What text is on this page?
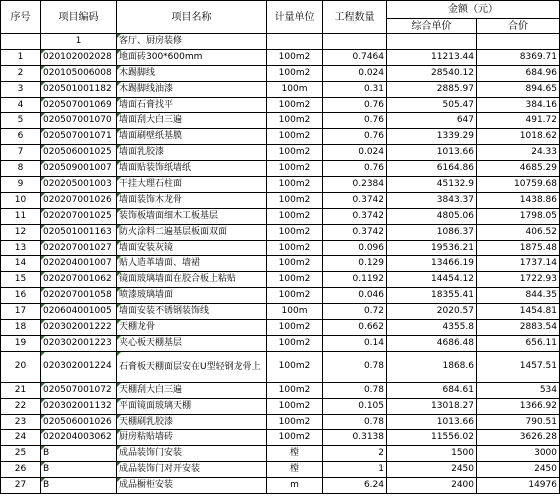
序号	项目编码	项目名称	计量单位	工程数量	金额（元）	
					综合单价	合价
	1	客厅、厨房装修				
1	020102002028	地面砖300*600mm	100m2	0.7464	11213.44	8369.71
2	020105006008	木踢脚线	100m2	0.024	28540.12	684.96
3	020501001182	木踢脚线油漆	100m	0.31	2885.97	894.65
4	020507001069	墙面石膏找平	100m2	0.76	505.47	384.16
5	020507001070	墙面刮大白三遍	100m2	0.76	647	491.72
6	020507001071	墙面刷壁纸基膜	100m2	0.76	1339.29	1018.62
7	020506001025	墙面乳胶漆	100m2	0.024	1013.66	24.33
8	020509001007	墙面贴装饰纸墙纸	100m2	0.76	6164.86	4685.29
9	020205001003	干挂大理石柱面	100m2	0.2384	45132.9	10759.68
10	020207001026	墙面装饰木龙骨	100m2	0.3742	3843.37	1438.86
11	020207001025	装饰板墙面细木工板基层	100m2	0.3742	4805.06	1798.05
12	020501001163	防火涂料二遍基层板面双面	100m2	0.3742	1086.37	406.52
13	020207001027	墙面安装灰镜	100m2	0.096	19536.21	1875.48
14	020204001007	贴人造革墙面、墙裙	100m2	0.129	13466.19	1737.14
15	020207001062	镜面玻璃墙面在胶合板上粘贴	100m2	0.1192	14454.12	1722.93
16	020207001058	喷漆玻璃墙面	100m2	0.046	18355.41	844.35
17	020604001005	墙面安装不锈钢装饰线	100m	0.72	2020.57	1454.81
18	020302001222	天棚龙骨	100m2	0.662	4355.8	2883.54
19	020302001223	夹心板天棚基层	100m2	0.14	4686.48	656.11
20	020302001224	石膏板天棚面层安在U型轻钢龙骨上	100m2	0.78	1868.6	1457.51
21	020507001072	天棚刮大白三遍	100m2	0.78	684.61	534
22	020302001132	平面镜面玻璃天棚	100m2	0.105	13018.27	1366.92
23	020506001026	天棚刷乳胶漆	100m2	0.78	1013.66	790.51
24	020204003062	厨房粘贴墙砖	100m2	0.3138	11556.02	3626.28
25	B	成品装饰门安装	樘	2	1500	3000
26	B	成品装饰门对开安装	樘	1	2450	2450
27	B	成品橱柜安装	m	6.24	2400	14976
